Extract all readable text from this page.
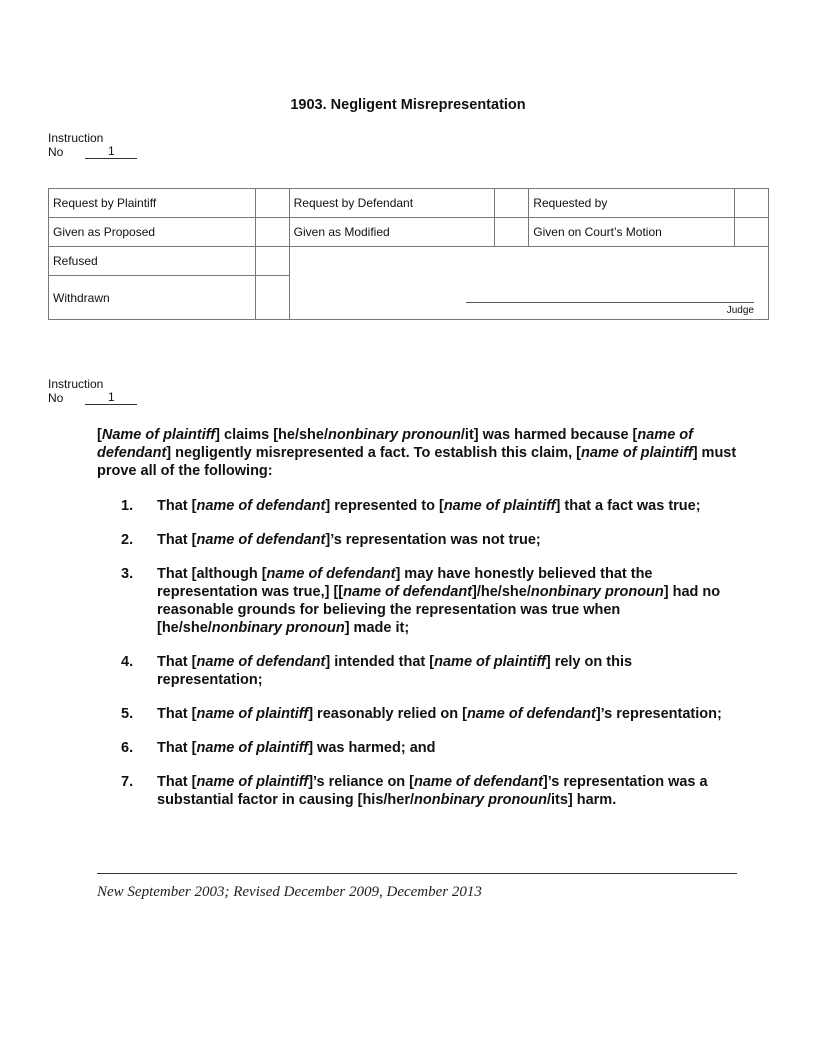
1903. Negligent Misrepresentation
Instruction
No	1
Request by Plaintiff		Request by Defendant		Requested by	
Given as Proposed		Given as Modified		Given on Court’s Motion	
Refused		Judge			

Withdrawn					
Instruction
No	1

[Name of plaintiff] claims [he/she/nonbinary pronoun/it] was harmed because [name of defendant] negligently misrepresented a fact. To establish this claim, [name of plaintiff] must prove all of the following:

1. That [name of defendant] represented to [name of plaintiff] that a fact was true;
2. That [name of defendant]’s representation was not true;
3. That [although [name of defendant] may have honestly believed that the representation was true,] [[name of defendant]/he/she/nonbinary pronoun] had no reasonable grounds for believing the representation was true when [he/she/nonbinary pronoun] made it;
4. That [name of defendant] intended that [name of plaintiff] rely on this representation;
5. That [name of plaintiff] reasonably relied on [name of defendant]’s representation;
6. That [name of plaintiff] was harmed; and
7. That [name of plaintiff]’s reliance on [name of defendant]’s representation was a substantial factor in causing [his/her/nonbinary pronoun/its] harm.
New September 2003; Revised December 2009, December 2013
